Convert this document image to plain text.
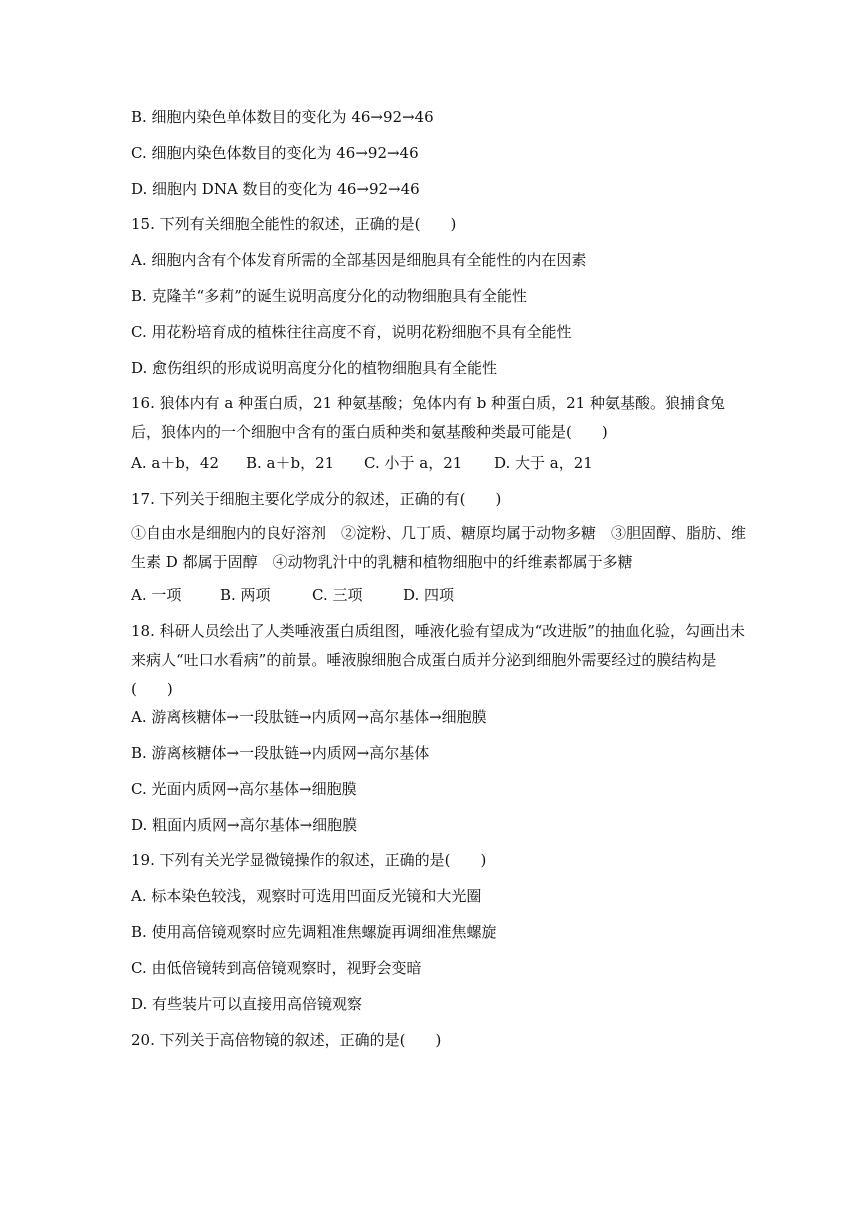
B. 细胞内染色单体数目的变化为 46→92→46
C. 细胞内染色体数目的变化为 46→92→46
D. 细胞内 DNA 数目的变化为 46→92→46
15. 下列有关细胞全能性的叙述，正确的是(　　)
A. 细胞内含有个体发育所需的全部基因是细胞具有全能性的内在因素
B. 克隆羊“多莉”的诞生说明高度分化的动物细胞具有全能性
C. 用花粉培育成的植株往往高度不育，说明花粉细胞不具有全能性
D. 愈伤组织的形成说明高度分化的植物细胞具有全能性
16. 狼体内有 a 种蛋白质，21 种氨基酸；兔体内有 b 种蛋白质，21 种氨基酸。狼捕食兔后，狼体内的一个细胞中含有的蛋白质种类和氨基酸种类最可能是(　　)
A. a＋b，42 B. a＋b，21 C. 小于 a，21 D. 大于 a，21
17. 下列关于细胞主要化学成分的叙述，正确的有(　　)
①自由水是细胞内的良好溶剂　②淀粉、几丁质、糖原均属于动物多糖　③胆固醇、脂肪、维生素 D 都属于固醇　④动物乳汁中的乳糖和植物细胞中的纤维素都属于多糖
A. 一项	B. 两项	C. 三项	D. 四项
18. 科研人员绘出了人类唾液蛋白质组图，唾液化验有望成为“改进版”的抽血化验，勾画出未来病人“吐口水看病”的前景。唾液腺细胞合成蛋白质并分泌到细胞外需要经过的膜结构是(　　)
A. 游离核糖体→一段肽链→内质网→高尔基体→细胞膜
B. 游离核糖体→一段肽链→内质网→高尔基体
C. 光面内质网→高尔基体→细胞膜
D. 粗面内质网→高尔基体→细胞膜
19. 下列有关光学显微镜操作的叙述，正确的是(　　)
A. 标本染色较浅，观察时可选用凹面反光镜和大光圈
B. 使用高倍镜观察时应先调粗准焦螺旋再调细准焦螺旋
C. 由低倍镜转到高倍镜观察时，视野会变暗
D. 有些装片可以直接用高倍镜观察
20. 下列关于高倍物镜的叙述，正确的是(　　)
